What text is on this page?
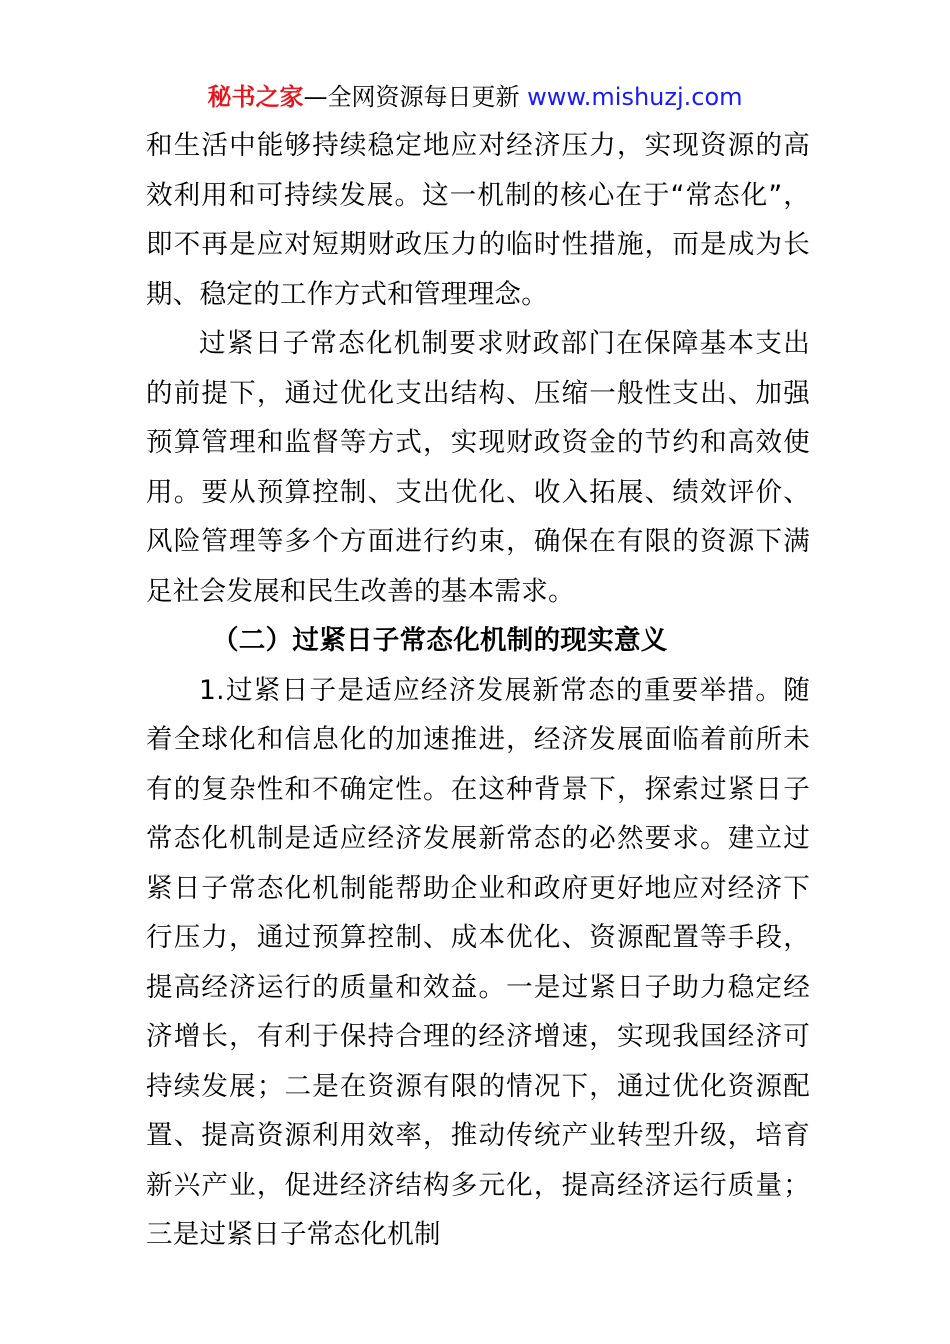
秘书之家—全网资源每日更新 www.mishuzj.com

和生活中能够持续稳定地应对经济压力，实现资源的高效利用和可持续发展。这一机制的核心在于“常态化”，即不再是应对短期财政压力的临时性措施，而是成为长期、稳定的工作方式和管理理念。

过紧日子常态化机制要求财政部门在保障基本支出的前提下，通过优化支出结构、压缩一般性支出、加强预算管理和监督等方式，实现财政资金的节约和高效使用。要从预算控制、支出优化、收入拓展、绩效评价、风险管理等多个方面进行约束，确保在有限的资源下满足社会发展和民生改善的基本需求。

（二）过紧日子常态化机制的现实意义

1.过紧日子是适应经济发展新常态的重要举措。随着全球化和信息化的加速推进，经济发展面临着前所未有的复杂性和不确定性。在这种背景下，探索过紧日子常态化机制是适应经济发展新常态的必然要求。建立过紧日子常态化机制能帮助企业和政府更好地应对经济下行压力，通过预算控制、成本优化、资源配置等手段，提高经济运行的质量和效益。一是过紧日子助力稳定经济增长，有利于保持合理的经济增速，实现我国经济可持续发展；二是在资源有限的情况下，通过优化资源配置、提高资源利用效率，推动传统产业转型升级，培育新兴产业，促进经济结构多元化，提高经济运行质量；三是过紧日子常态化机制
